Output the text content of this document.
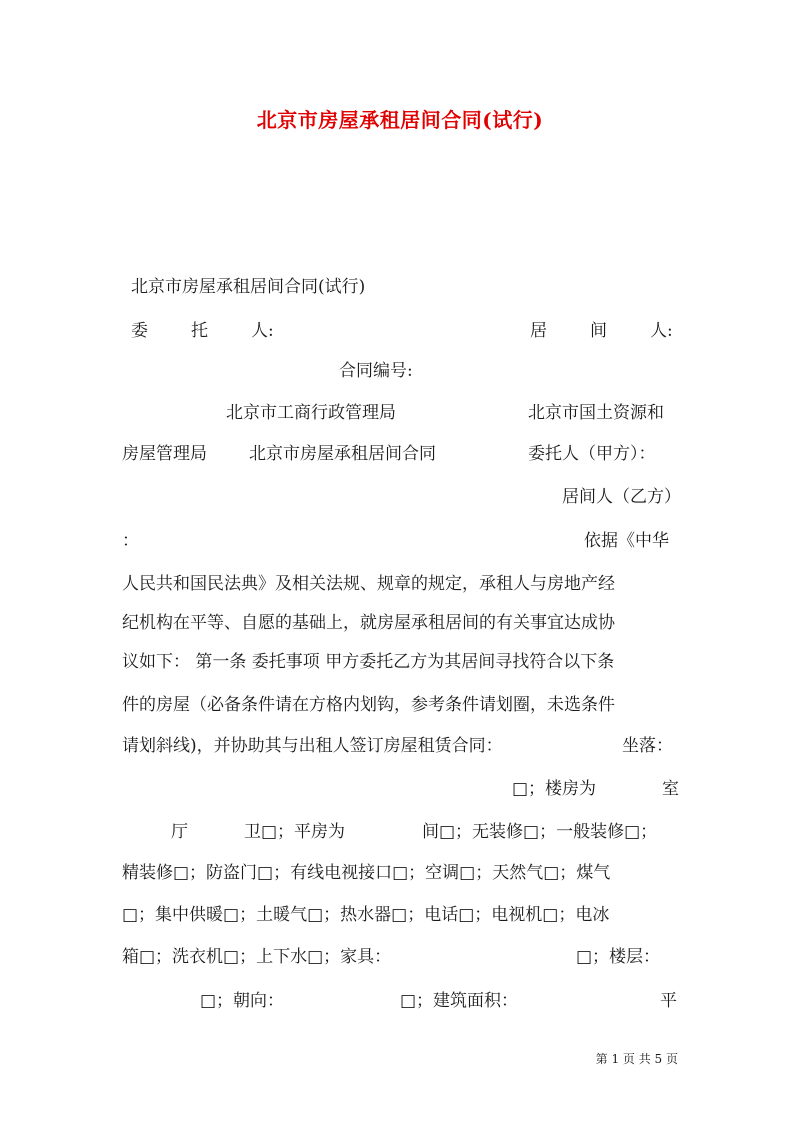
北京市房屋承租居间合同(试行)
北京市房屋承租居间合同(试行)
委	托	人:	居	间	人:
合同编号:
北京市工商行政管理局	北京市国土资源和
房屋管理局 北京市房屋承租居间合同	委托人（甲方）：
居间人（乙方）
：	依据《中华
人民共和国民法典》及相关法规、规章的规定，承租人与房地产经
纪机构在平等、自愿的基础上，就房屋承租居间的有关事宜达成协
议如下： 第一条 委托事项 甲方委托乙方为其居间寻找符合以下条
件的房屋（必备条件请在方格内划钩，参考条件请划圈，未选条件
请划斜线)，并协助其与出租人签订房屋租赁合同：	坐落：
□；楼房为	室
厅	卫□；平房为	间□；无装修□；一般装修□；
精装修□；防盗门□；有线电视接口□；空调□；天然气□；煤气
□；集中供暖□；土暖气□；热水器□；电话□；电视机□；电冰
箱□；洗衣机□；上下水□；家具：	□；楼层：
□；朝向：	□；建筑面积：	平
第 1 页 共 5 页
